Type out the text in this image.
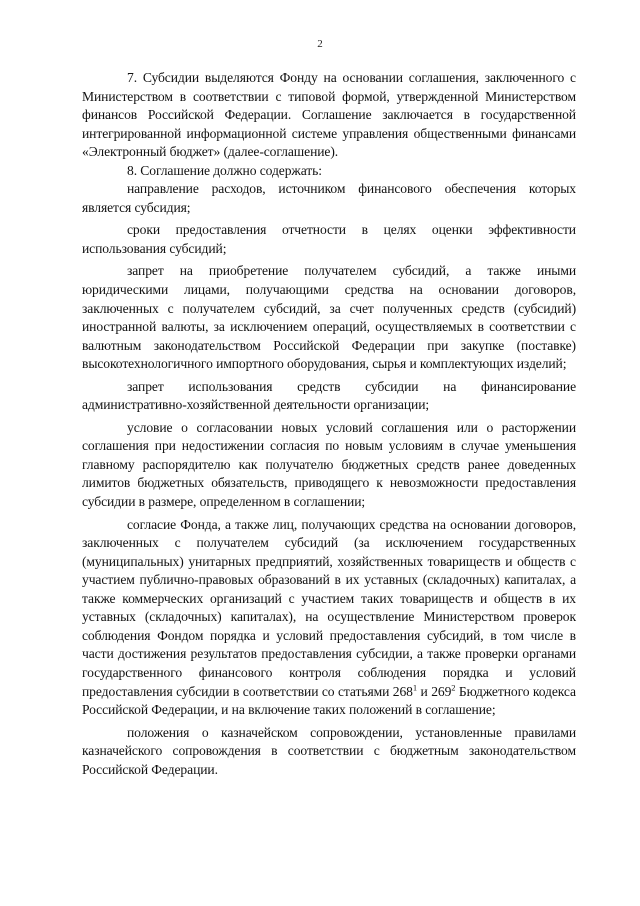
2

7. Субсидии выделяются Фонду на основании соглашения, заключенного с Министерством в соответствии с типовой формой, утвержденной Министерством финансов Российской Федерации. Соглашение заключается в государственной интегрированной информационной системе управления общественными финансами «Электронный бюджет» (далее-соглашение).

8. Соглашение должно содержать:

направление расходов, источником финансового обеспечения которых является субсидия;

сроки предоставления отчетности в целях оценки эффективности использования субсидий;

запрет на приобретение получателем субсидий, а также иными юридическими лицами, получающими средства на основании договоров, заключенных с получателем субсидий, за счет полученных средств (субсидий) иностранной валюты, за исключением операций, осуществляемых в соответствии с валютным законодательством Российской Федерации при закупке (поставке) высокотехнологичного импортного оборудования, сырья и комплектующих изделий;

запрет использования средств субсидии на финансирование административно-хозяйственной деятельности организации;

условие о согласовании новых условий соглашения или о расторжении соглашения при недостижении согласия по новым условиям в случае уменьшения главному распорядителю как получателю бюджетных средств ранее доведенных лимитов бюджетных обязательств, приводящего к невозможности предоставления субсидии в размере, определенном в соглашении;

согласие Фонда, а также лиц, получающих средства на основании договоров, заключенных с получателем субсидий (за исключением государственных (муниципальных) унитарных предприятий, хозяйственных товариществ и обществ с участием публично-правовых образований в их уставных (складочных) капиталах, а также коммерческих организаций с участием таких товариществ и обществ в их уставных (складочных) капиталах), на осуществление Министерством проверок соблюдения Фондом порядка и условий предоставления субсидий, в том числе в части достижения результатов предоставления субсидии, а также проверки органами государственного финансового контроля соблюдения порядка и условий предоставления субсидии в соответствии со статьями $268^1$ и $269^2$ Бюджетного кодекса Российской Федерации, и на включение таких положений в соглашение;

положения о казначейском сопровождении, установленные правилами казначейского сопровождения в соответствии с бюджетным законодательством Российской Федерации.
